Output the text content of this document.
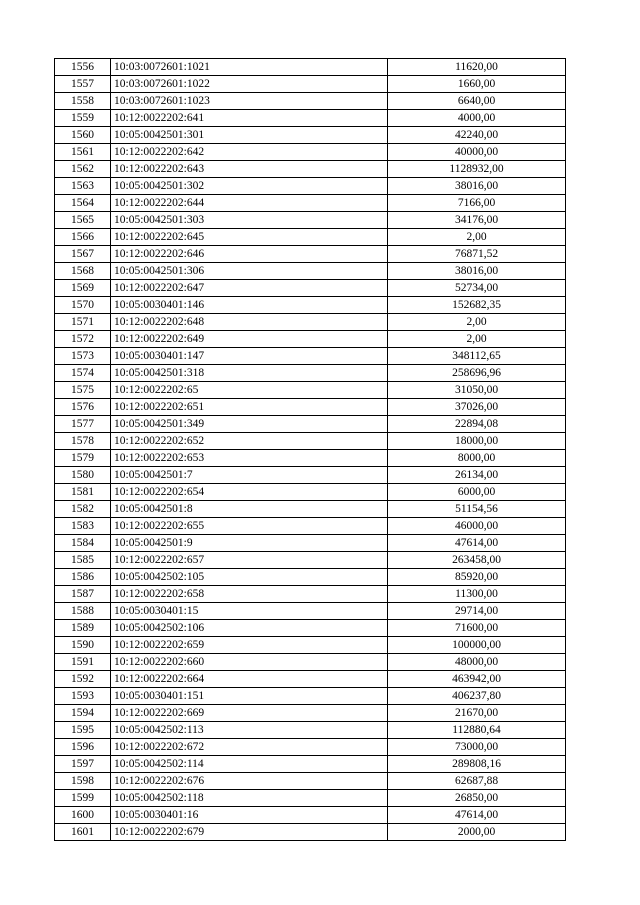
1556	10:03:0072601:1021	11620,00
1557	10:03:0072601:1022	1660,00
1558	10:03:0072601:1023	6640,00
1559	10:12:0022202:641	4000,00
1560	10:05:0042501:301	42240,00
1561	10:12:0022202:642	40000,00
1562	10:12:0022202:643	1128932,00
1563	10:05:0042501:302	38016,00
1564	10:12:0022202:644	7166,00
1565	10:05:0042501:303	34176,00
1566	10:12:0022202:645	2,00
1567	10:12:0022202:646	76871,52
1568	10:05:0042501:306	38016,00
1569	10:12:0022202:647	52734,00
1570	10:05:0030401:146	152682,35
1571	10:12:0022202:648	2,00
1572	10:12:0022202:649	2,00
1573	10:05:0030401:147	348112,65
1574	10:05:0042501:318	258696,96
1575	10:12:0022202:65	31050,00
1576	10:12:0022202:651	37026,00
1577	10:05:0042501:349	22894,08
1578	10:12:0022202:652	18000,00
1579	10:12:0022202:653	8000,00
1580	10:05:0042501:7	26134,00
1581	10:12:0022202:654	6000,00
1582	10:05:0042501:8	51154,56
1583	10:12:0022202:655	46000,00
1584	10:05:0042501:9	47614,00
1585	10:12:0022202:657	263458,00
1586	10:05:0042502:105	85920,00
1587	10:12:0022202:658	11300,00
1588	10:05:0030401:15	29714,00
1589	10:05:0042502:106	71600,00
1590	10:12:0022202:659	100000,00
1591	10:12:0022202:660	48000,00
1592	10:12:0022202:664	463942,00
1593	10:05:0030401:151	406237,80
1594	10:12:0022202:669	21670,00
1595	10:05:0042502:113	112880,64
1596	10:12:0022202:672	73000,00
1597	10:05:0042502:114	289808,16
1598	10:12:0022202:676	62687,88
1599	10:05:0042502:118	26850,00
1600	10:05:0030401:16	47614,00
1601	10:12:0022202:679	2000,00
